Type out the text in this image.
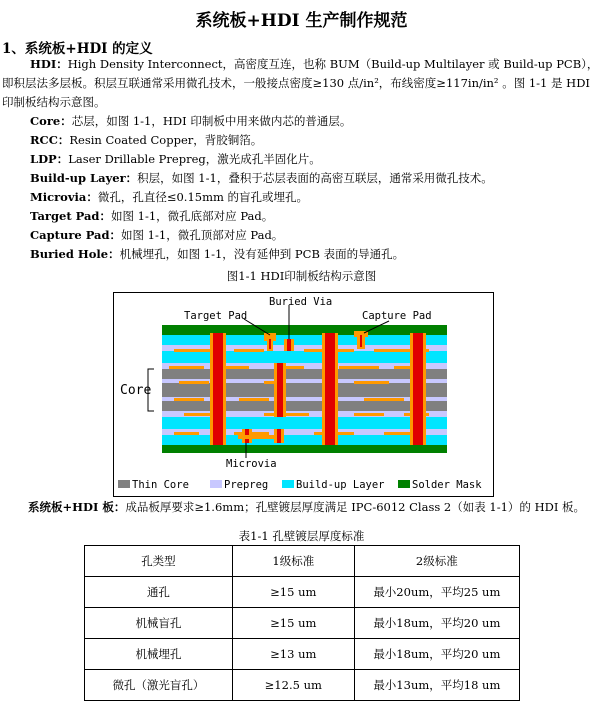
系统板+HDI 生产制作规范
1、系统板+HDI 的定义
HDI：High Density Interconnect，高密度互连，也称 BUM（Build-up Multilayer 或 Build-up PCB），即积层法多层板。积层互联通常采用微孔技术，一般接点密度≥130 点/in²，布线密度≥117in/in² 。图 1-1 是 HDI 印制板结构示意图。
Core：芯层，如图 1-1，HDI 印制板中用来做内芯的普通层。
RCC：Resin Coated Copper，背胶铜箔。
LDP：Laser Drillable Prepreg，激光成孔半固化片。
Build-up Layer：积层，如图 1-1，叠积于芯层表面的高密互联层，通常采用微孔技术。
Microvia：微孔，孔直径≤0.15mm 的盲孔或埋孔。
Target Pad：如图 1-1，微孔底部对应 Pad。
Capture Pad：如图 1-1，微孔顶部对应 Pad。
Buried Hole：机械埋孔，如图 1-1，没有延伸到 PCB 表面的导通孔。
图1-1 HDI印制板结构示意图
Target Pad
Buried Via
Capture Pad
Core
Microvia
Thin Core	Prepreg	Build-up Layer	Solder Mask
系统板+HDI 板：成品板厚要求≥1.6mm；孔壁镀层厚度满足 IPC-6012 Class 2（如表 1-1）的 HDI 板。
表1-1 孔壁镀层厚度标准
孔类型	1级标准	2级标准
通孔	≥15 um	最小20um，平均25 um
机械盲孔	≥15 um	最小18um，平均20 um
机械埋孔	≥13 um	最小18um，平均20 um
微孔（激光盲孔）	≥12.5 um	最小13um，平均18 um
